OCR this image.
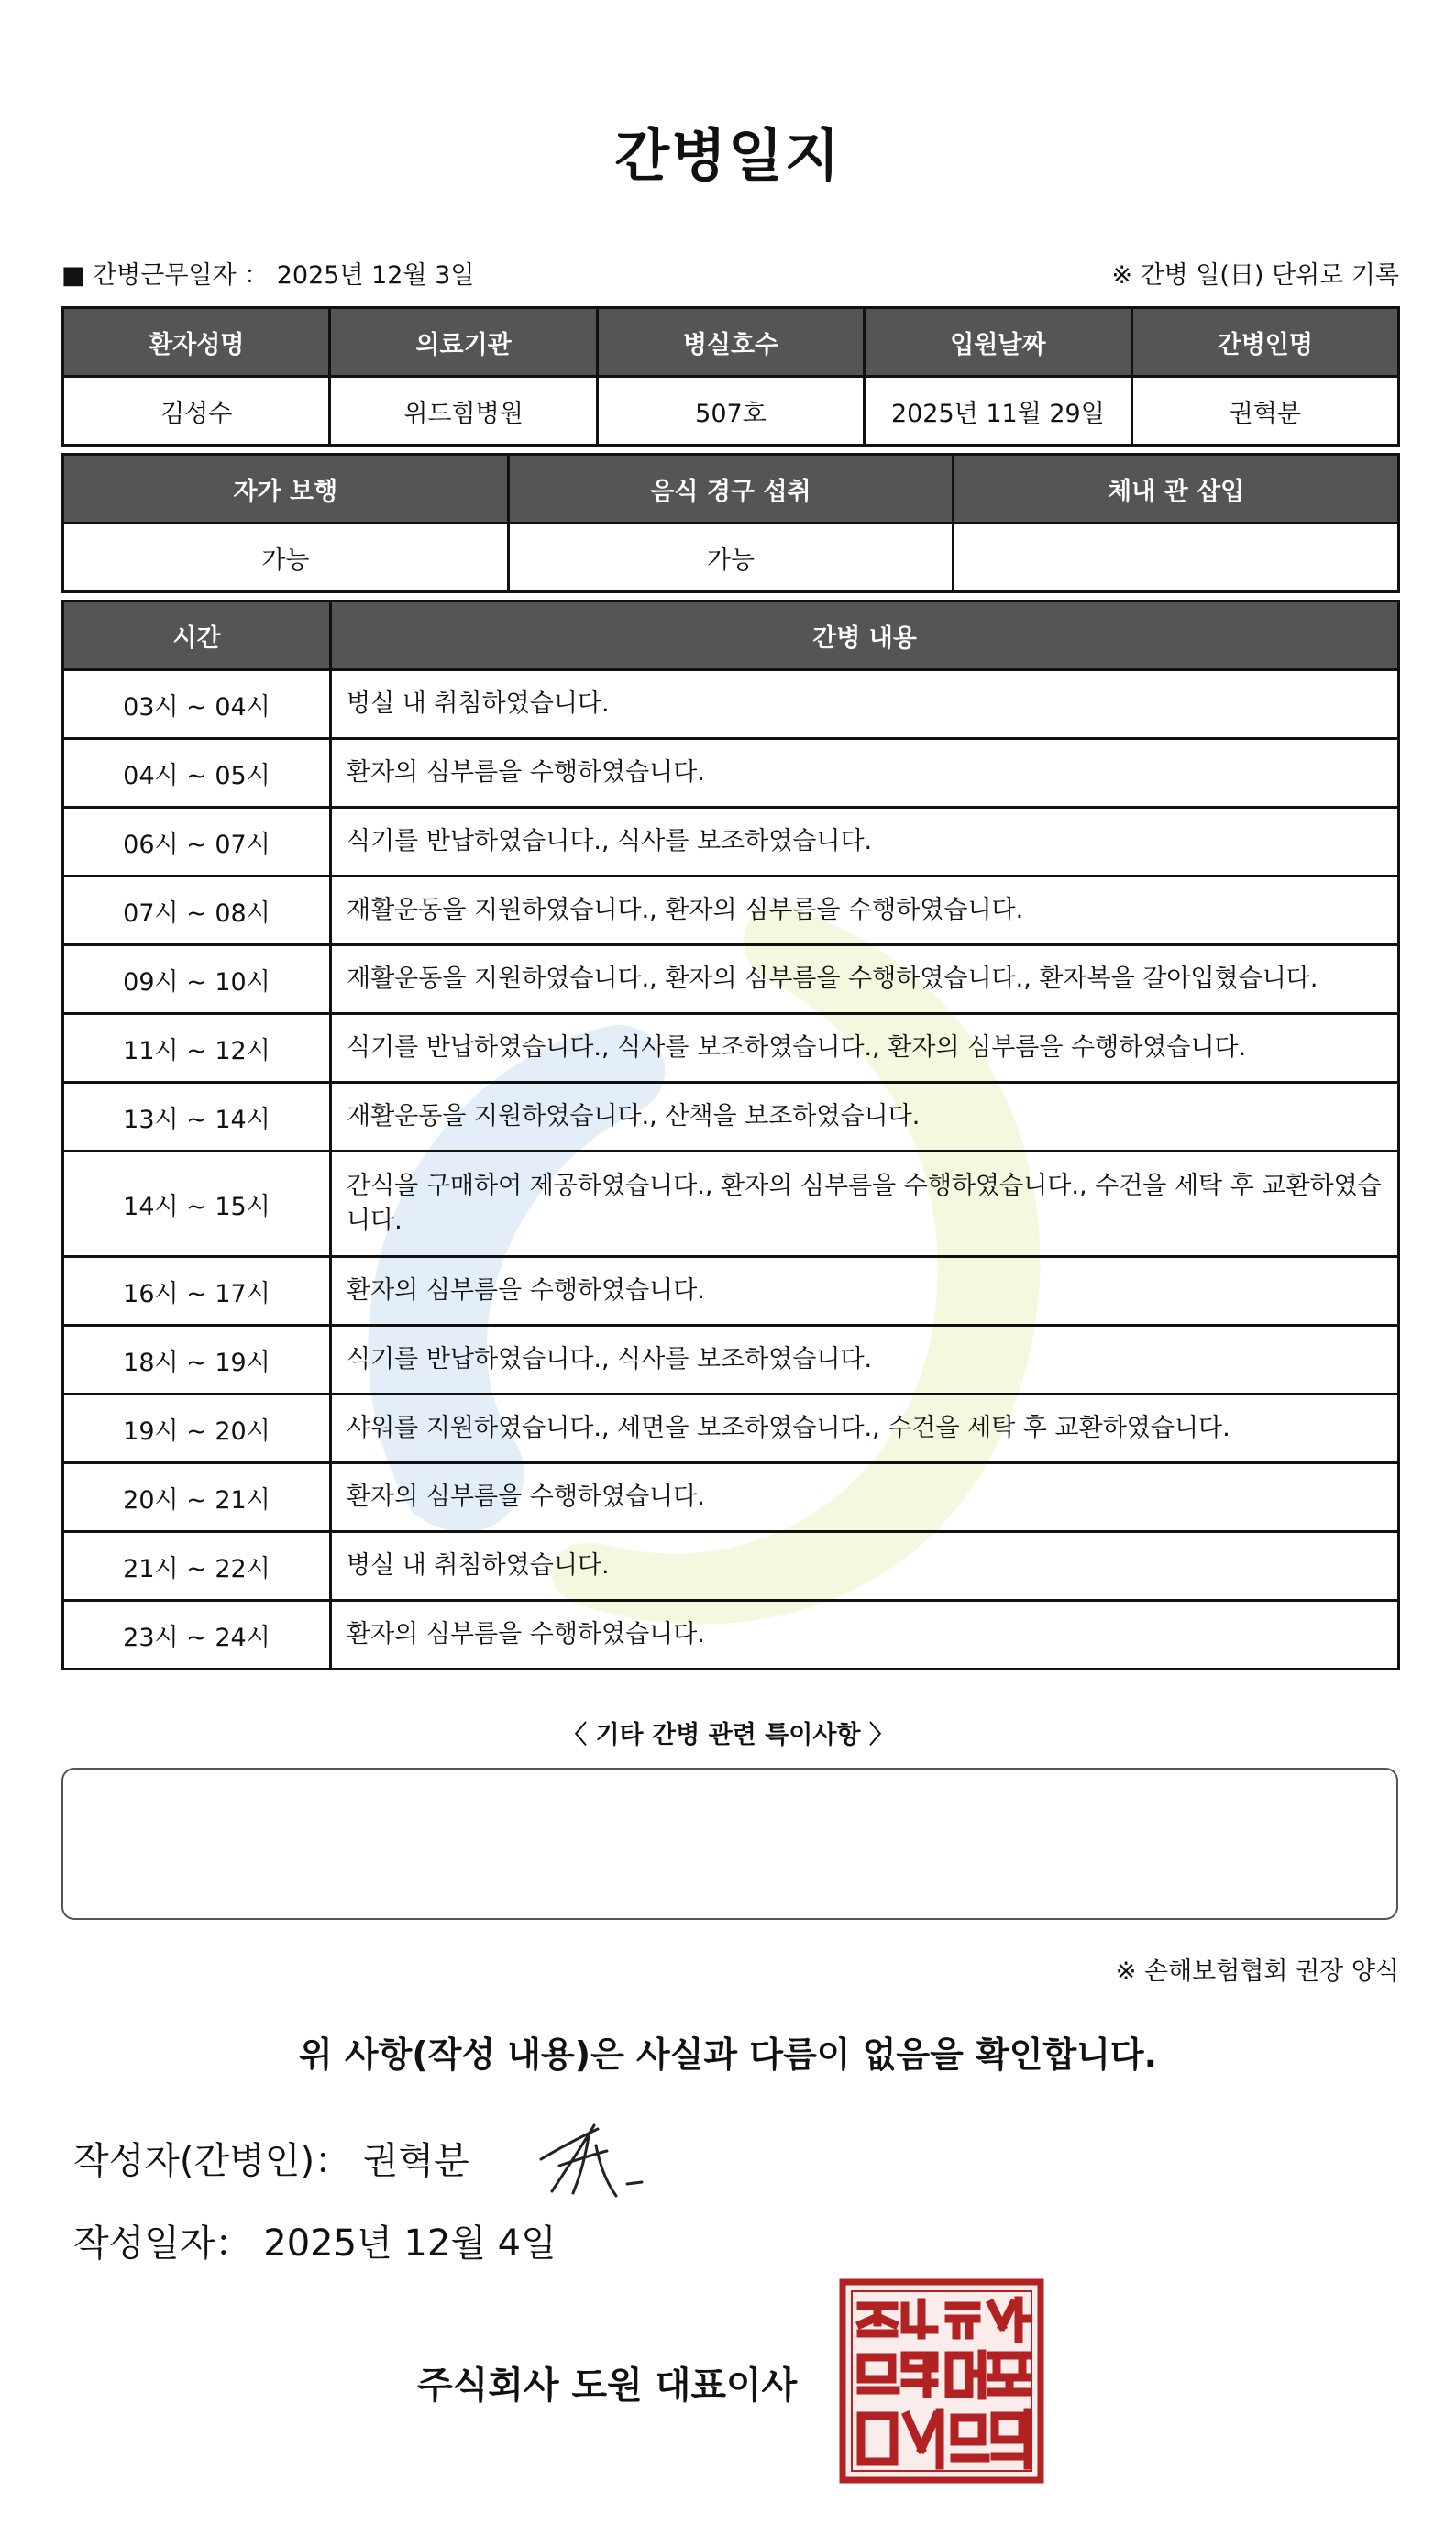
간병일지
■ 간병근무일자 ： 2025년 12월 3일	※ 간병 일(日) 단위로 기록
환자성명	의료기관	병실호수	입원날짜	간병인명
김성수	위드힘병원	507호	2025년 11월 29일	권혁분
자가 보행	음식 경구 섭취	체내 관 삽입
가능	가능	
시간	간병 내용
03시 ~ 04시	병실 내 취침하였습니다.
04시 ~ 05시	환자의 심부름을 수행하였습니다.
06시 ~ 07시	식기를 반납하였습니다., 식사를 보조하였습니다.
07시 ~ 08시	재활운동을 지원하였습니다., 환자의 심부름을 수행하였습니다.
09시 ~ 10시	재활운동을 지원하였습니다., 환자의 심부름을 수행하였습니다., 환자복을 갈아입혔습니다.
11시 ~ 12시	식기를 반납하였습니다., 식사를 보조하였습니다., 환자의 심부름을 수행하였습니다.
13시 ~ 14시	재활운동을 지원하였습니다., 산책을 보조하였습니다.
14시 ~ 15시	간식을 구매하여 제공하였습니다., 환자의 심부름을 수행하였습니다., 수건을 세탁 후 교환하였습니다.
16시 ~ 17시	환자의 심부름을 수행하였습니다.
18시 ~ 19시	식기를 반납하였습니다., 식사를 보조하였습니다.
19시 ~ 20시	샤워를 지원하였습니다., 세면을 보조하였습니다., 수건을 세탁 후 교환하였습니다.
20시 ~ 21시	환자의 심부름을 수행하였습니다.
21시 ~ 22시	병실 내 취침하였습니다.
23시 ~ 24시	환자의 심부름을 수행하였습니다.
〈 기타 간병 관련 특이사항 〉
※ 손해보험협회 권장 양식
위 사항(작성 내용)은 사실과 다름이 없음을 확인합니다.
작성자(간병인)： 권혁분
작성일자： 2025년 12월 4일
주식회사 도원 대표이사
